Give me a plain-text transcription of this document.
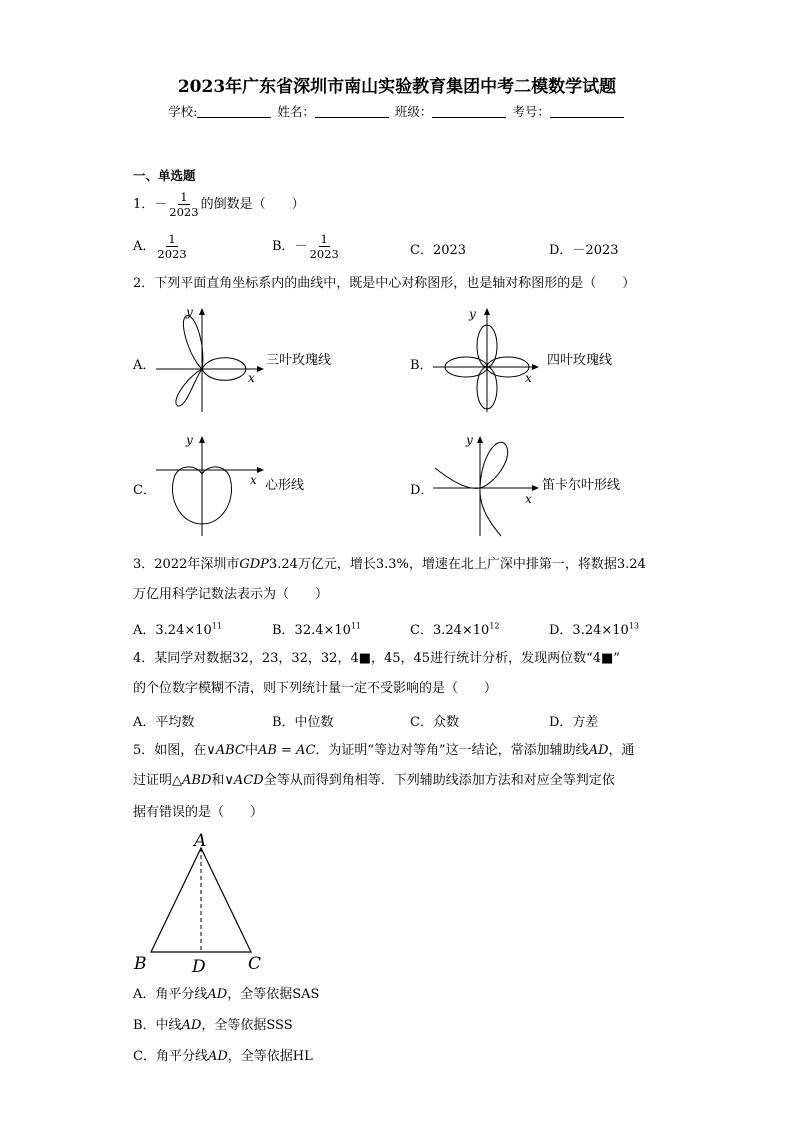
2023年广东省深圳市南山实验教育集团中考二模数学试题
学校:	姓名：	班级：	考号：
一、单选题
1．－ $\frac{1}{2023}$ 的倒数是（　　）
A． $\frac{1}{2023}$	B．－ $\frac{1}{2023}$	C．2023	D．－2023
2．下列平面直角坐标系内的曲线中，既是中心对称图形，也是轴对称图形的是（　　）
A．
y
x
三叶玫瑰线	B．
y
x
四叶玫瑰线
C．
y
x 心形线	D．
y
x
笛卡尔叶形线
3．2022年深圳市GDP3.24万亿元，增长3.3%，增速在北上广深中排第一，将数据3.24
万亿用科学记数法表示为（　　）
A．$3.24\times 10^{11}$	B．$32.4\times 10^{11}$	C．$3.24\times 10^{12}$	D．$3.24\times 10^{13}$
4．某同学对数据32，23，32，32，4■，45，45进行统计分析，发现两位数“4■”
的个位数字模糊不清，则下列统计量一定不受影响的是（　　）
A．平均数	B．中位数	C．众数	D．方差
5．如图，在∨ABC中AB = AC．为证明“等边对等角”这一结论，常添加辅助线AD，通
过证明△ABD和∨ACD全等从而得到角相等．下列辅助线添加方法和对应全等判定依
据有错误的是（　　）
A
B	D C
A．角平分线AD，全等依据SAS
B．中线AD，全等依据SSS
C．角平分线AD，全等依据HL
